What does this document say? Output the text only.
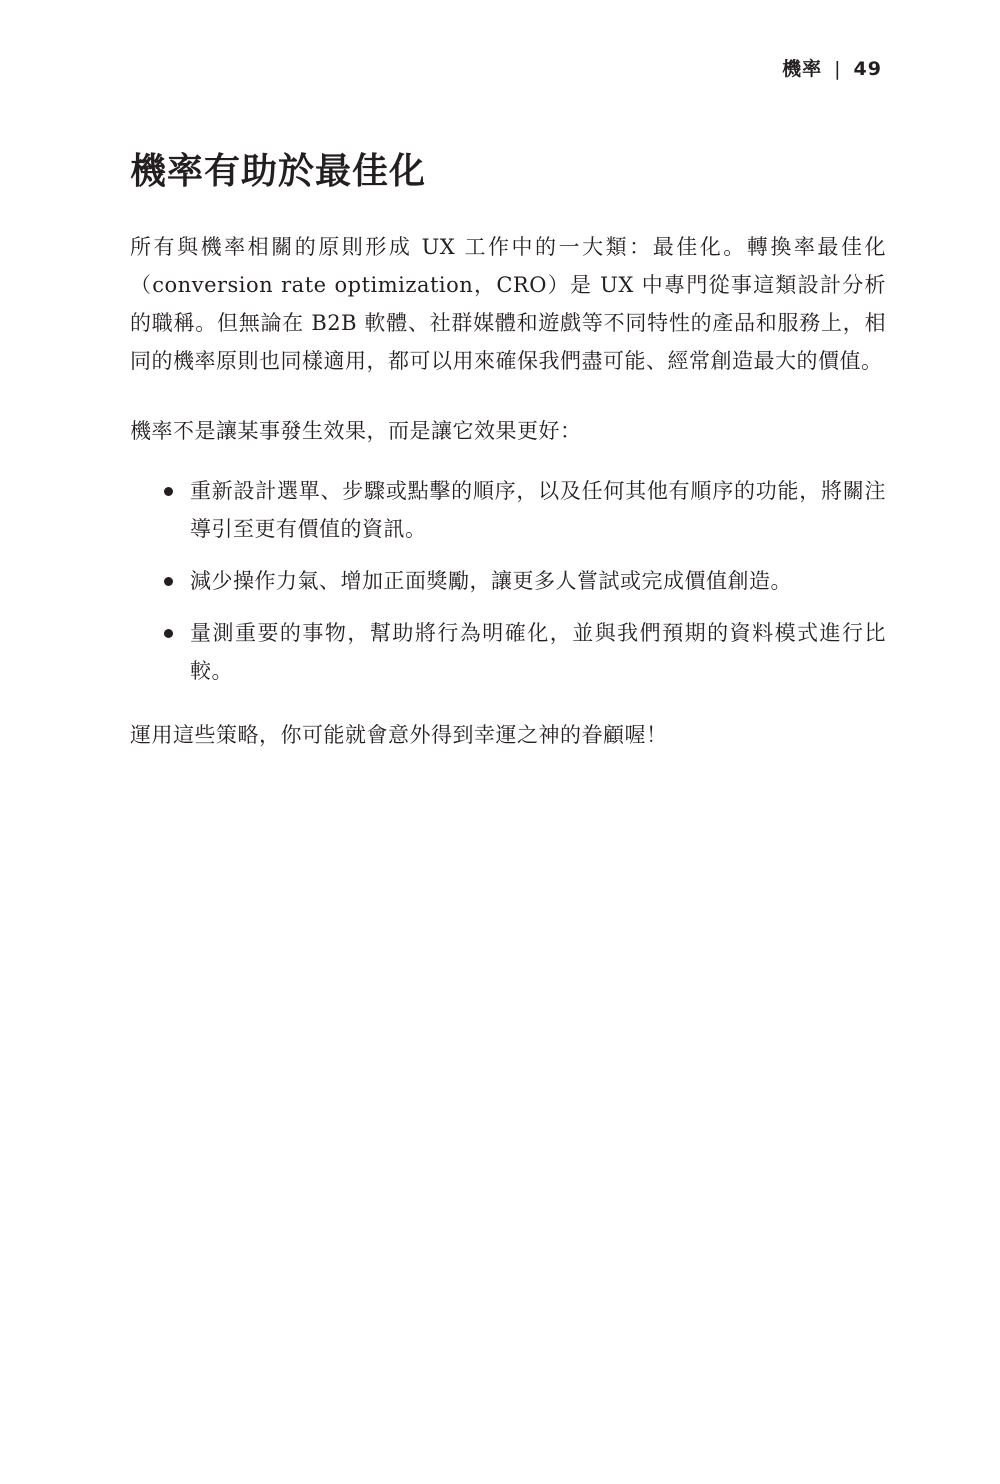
機率 | 49
機率有助於最佳化

所有與機率相關的原則形成 UX 工作中的一大類：最佳化。轉換率最佳化（conversion rate optimization，CRO）是 UX 中專門從事這類設計分析的職稱。但無論在 B2B 軟體、社群媒體和遊戲等不同特性的產品和服務上，相同的機率原則也同樣適用，都可以用來確保我們盡可能、經常創造最大的價值。

機率不是讓某事發生效果，而是讓它效果更好：

重新設計選單、步驟或點擊的順序，以及任何其他有順序的功能，將關注導引至更有價值的資訊。
減少操作力氣、增加正面獎勵，讓更多人嘗試或完成價值創造。
量測重要的事物，幫助將行為明確化，並與我們預期的資料模式進行比較。

運用這些策略，你可能就會意外得到幸運之神的眷顧喔！
